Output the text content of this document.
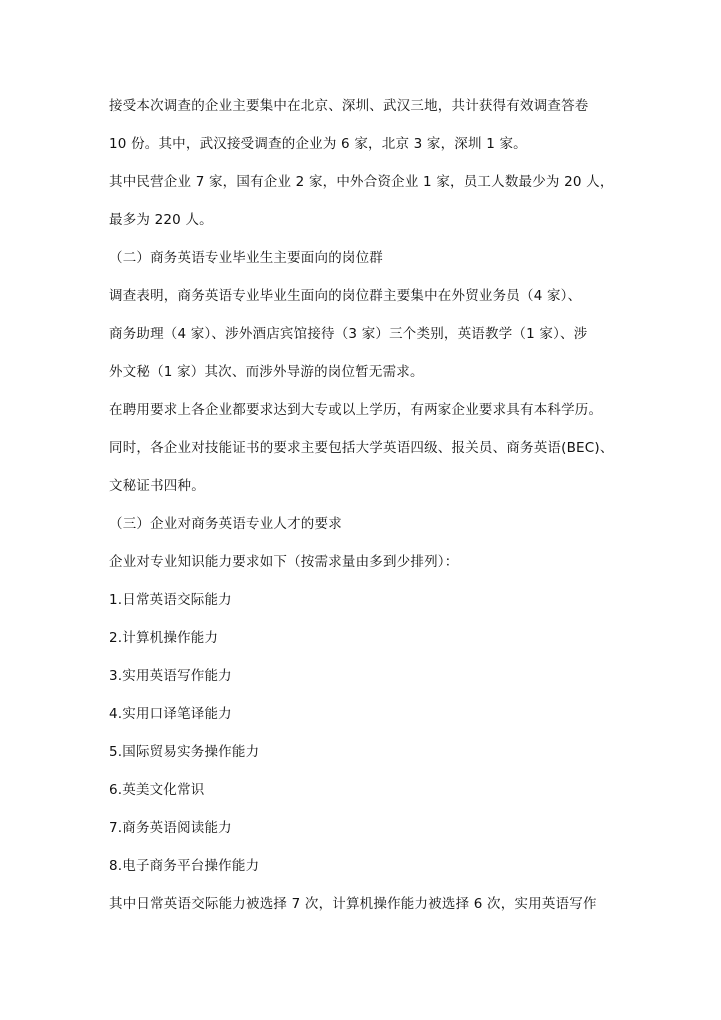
接受本次调查的企业主要集中在北京、深圳、武汉三地，共计获得有效调查答卷
10 份。其中，武汉接受调查的企业为 6 家，北京 3 家，深圳 1 家。
其中民营企业 7 家，国有企业 2 家，中外合资企业 1 家，员工人数最少为 20 人，
最多为 220 人。
（二）商务英语专业毕业生主要面向的岗位群
调查表明，商务英语专业毕业生面向的岗位群主要集中在外贸业务员（4 家）、
商务助理（4 家）、涉外酒店宾馆接待（3 家）三个类别，英语教学（1 家）、涉
外文秘（1 家）其次、而涉外导游的岗位暂无需求。
在聘用要求上各企业都要求达到大专或以上学历，有两家企业要求具有本科学历。
同时，各企业对技能证书的要求主要包括大学英语四级、报关员、商务英语(BEC)、
文秘证书四种。
（三）企业对商务英语专业人才的要求
企业对专业知识能力要求如下（按需求量由多到少排列）：
1.日常英语交际能力
2.计算机操作能力
3.实用英语写作能力
4.实用口译笔译能力
5.国际贸易实务操作能力
6.英美文化常识
7.商务英语阅读能力
8.电子商务平台操作能力
其中日常英语交际能力被选择 7 次，计算机操作能力被选择 6 次，实用英语写作
